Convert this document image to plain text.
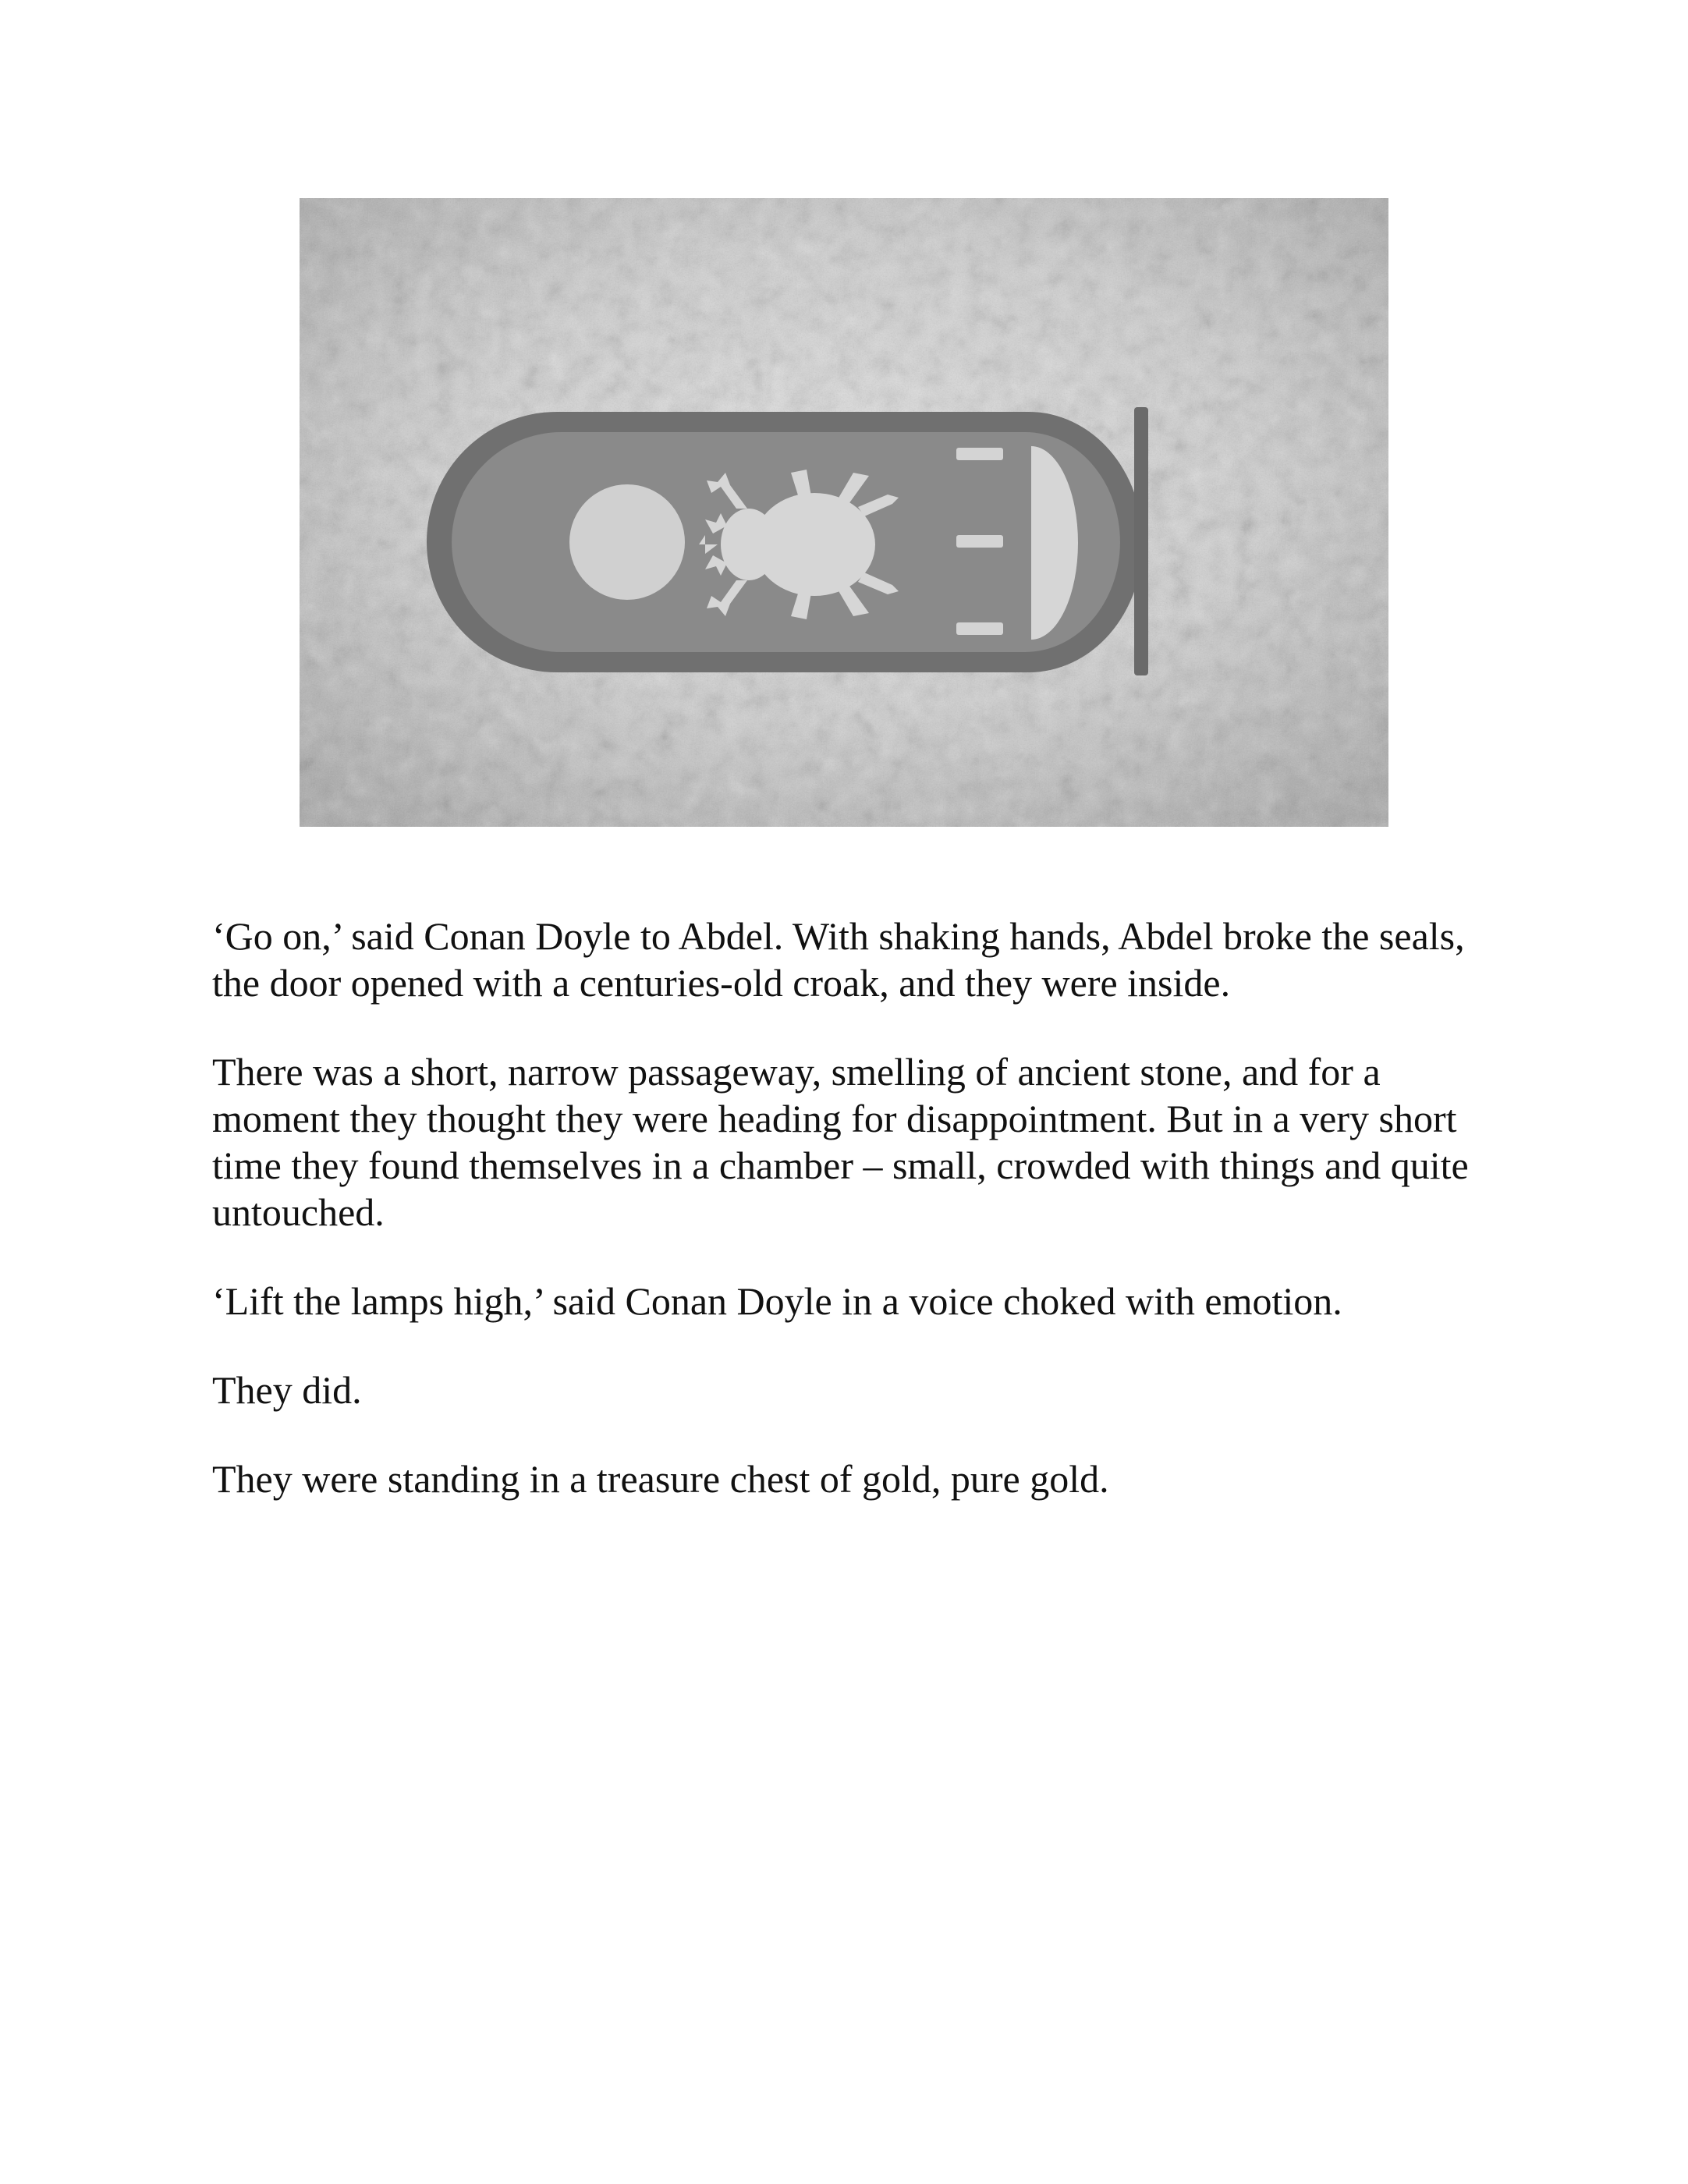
‘Go on,’ said Conan Doyle to Abdel. With shaking hands, Abdel broke the seals, the door opened with a centuries-old croak, and they were inside.

There was a short, narrow passageway, smelling of ancient stone, and for a moment they thought they were heading for disappointment. But in a very short time they found themselves in a chamber – small, crowded with things and quite untouched.

‘Lift the lamps high,’ said Conan Doyle in a voice choked with emotion.

They did.

They were standing in a treasure chest of gold, pure gold.
